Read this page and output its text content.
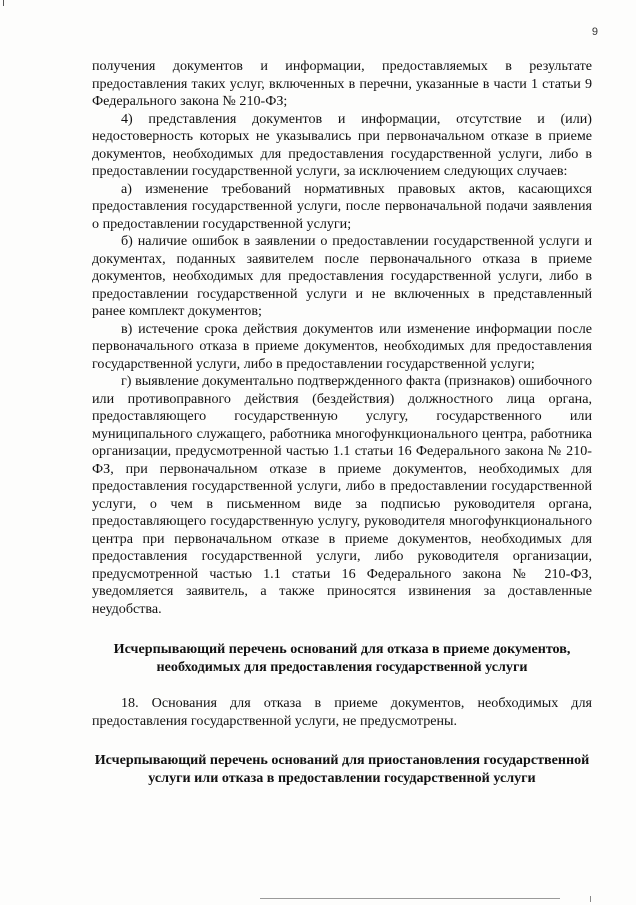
9

получения документов и информации, предоставляемых в результате предоставления таких услуг, включенных в перечни, указанные в части 1 статьи 9 Федерального закона № 210-ФЗ;

4) представления документов и информации, отсутствие и (или) недостоверность которых не указывались при первоначальном отказе в приеме документов, необходимых для предоставления государственной услуги, либо в предоставлении государственной услуги, за исключением следующих случаев:

а) изменение требований нормативных правовых актов, касающихся предоставления государственной услуги, после первоначальной подачи заявления о предоставлении государственной услуги;

б) наличие ошибок в заявлении о предоставлении государственной услуги и документах, поданных заявителем после первоначального отказа в приеме документов, необходимых для предоставления государственной услуги, либо в предоставлении государственной услуги и не включенных в представленный ранее комплект документов;

в) истечение срока действия документов или изменение информации после первоначального отказа в приеме документов, необходимых для предоставления государственной услуги, либо в предоставлении государственной услуги;

г) выявление документально подтвержденного факта (признаков) ошибочного или противоправного действия (бездействия) должностного лица органа, предоставляющего государственную услугу, государственного или муниципального служащего, работника многофункционального центра, работника организации, предусмотренной частью 1.1 статьи 16 Федерального закона № 210-ФЗ, при первоначальном отказе в приеме документов, необходимых для предоставления государственной услуги, либо в предоставлении государственной услуги, о чем в письменном виде за подписью руководителя органа, предоставляющего государственную услугу, руководителя многофункционального центра при первоначальном отказе в приеме документов, необходимых для предоставления государственной услуги, либо руководителя организации, предусмотренной частью 1.1 статьи 16 Федерального закона № 210-ФЗ, уведомляется заявитель, а также приносятся извинения за доставленные неудобства.

Исчерпывающий перечень оснований для отказа в приеме документов, необходимых для предоставления государственной услуги

18. Основания для отказа в приеме документов, необходимых для предоставления государственной услуги, не предусмотрены.

Исчерпывающий перечень оснований для приостановления государственной услуги или отказа в предоставлении государственной услуги
